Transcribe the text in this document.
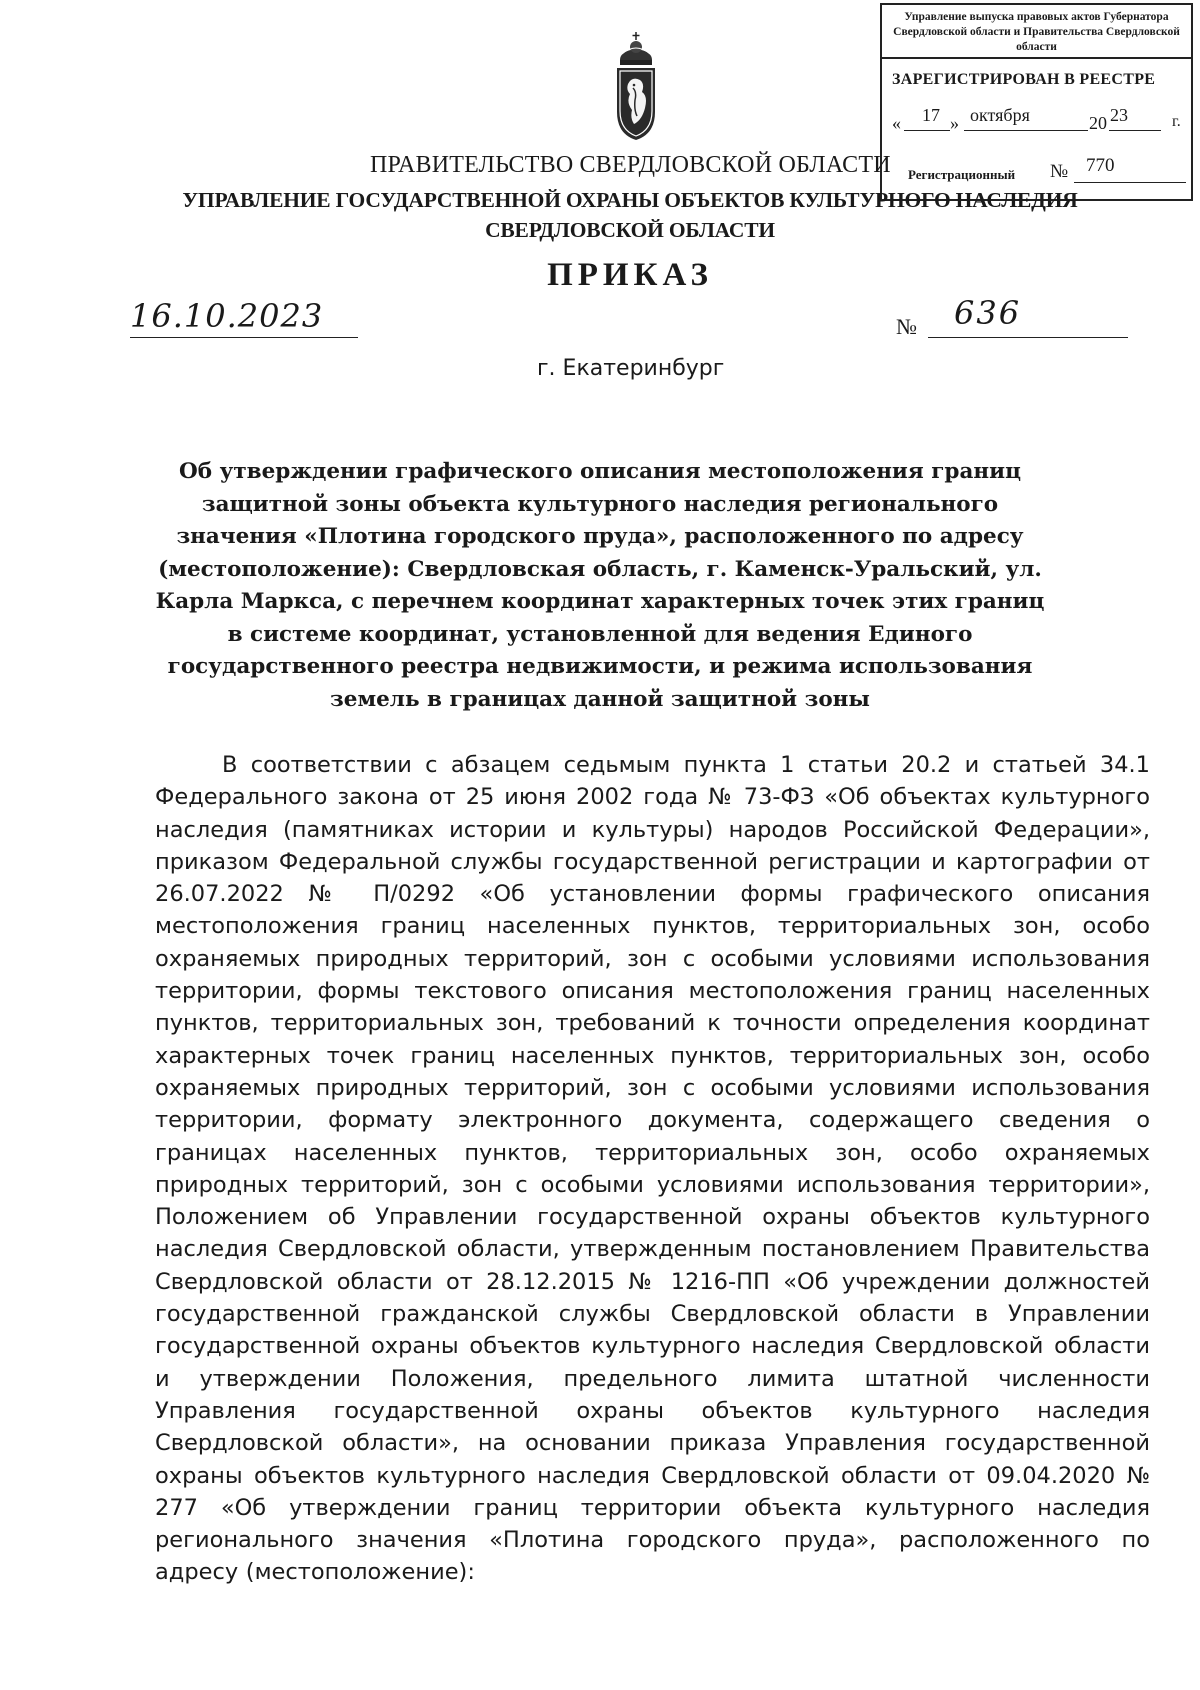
Управление выпуска правовых актов Губернатора Свердловской области и Правительства Свердловской области
ЗАРЕГИСТРИРОВАН В РЕЕСТРЕ
« 17 » октября	20 23	г.
Регистрационный № 770
ПРАВИТЕЛЬСТВО СВЕРДЛОВСКОЙ ОБЛАСТИ
УПРАВЛЕНИЕ ГОСУДАРСТВЕННОЙ ОХРАНЫ ОБЪЕКТОВ КУЛЬТУРНОГО НАСЛЕДИЯ СВЕРДЛОВСКОЙ ОБЛАСТИ
ПРИКАЗ
16.10.2023	№ 636
г. Екатеринбург
Об утверждении графического описания местоположения границ защитной зоны объекта культурного наследия регионального значения «Плотина городского пруда», расположенного по адресу (местоположение): Свердловская область, г. Каменск-Уральский, ул. Карла Маркса, с перечнем координат характерных точек этих границ в системе координат, установленной для ведения Единого государственного реестра недвижимости, и режима использования земель в границах данной защитной зоны
В соответствии с абзацем седьмым пункта 1 статьи 20.2 и статьей 34.1 Федерального закона от 25 июня 2002 года № 73-ФЗ «Об объектах культурного наследия (памятниках истории и культуры) народов Российской Федерации», приказом Федеральной службы государственной регистрации и картографии от 26.07.2022 № П/0292 «Об установлении формы графического описания местоположения границ населенных пунктов, территориальных зон, особо охраняемых природных территорий, зон с особыми условиями использования территории, формы текстового описания местоположения границ населенных пунктов, территориальных зон, требований к точности определения координат характерных точек границ населенных пунктов, территориальных зон, особо охраняемых природных территорий, зон с особыми условиями использования территории, формату электронного документа, содержащего сведения о границах населенных пунктов, территориальных зон, особо охраняемых природных территорий, зон с особыми условиями использования территории», Положением об Управлении государственной охраны объектов культурного наследия Свердловской области, утвержденным постановлением Правительства Свердловской области от 28.12.2015 № 1216-ПП «Об учреждении должностей государственной гражданской службы Свердловской области в Управлении государственной охраны объектов культурного наследия Свердловской области и утверждении Положения, предельного лимита штатной численности Управления государственной охраны объектов культурного наследия Свердловской области», на основании приказа Управления государственной охраны объектов культурного наследия Свердловской области от 09.04.2020 № 277 «Об утверждении границ территории объекта культурного наследия регионального значения «Плотина городского пруда», расположенного по адресу (местоположение):
